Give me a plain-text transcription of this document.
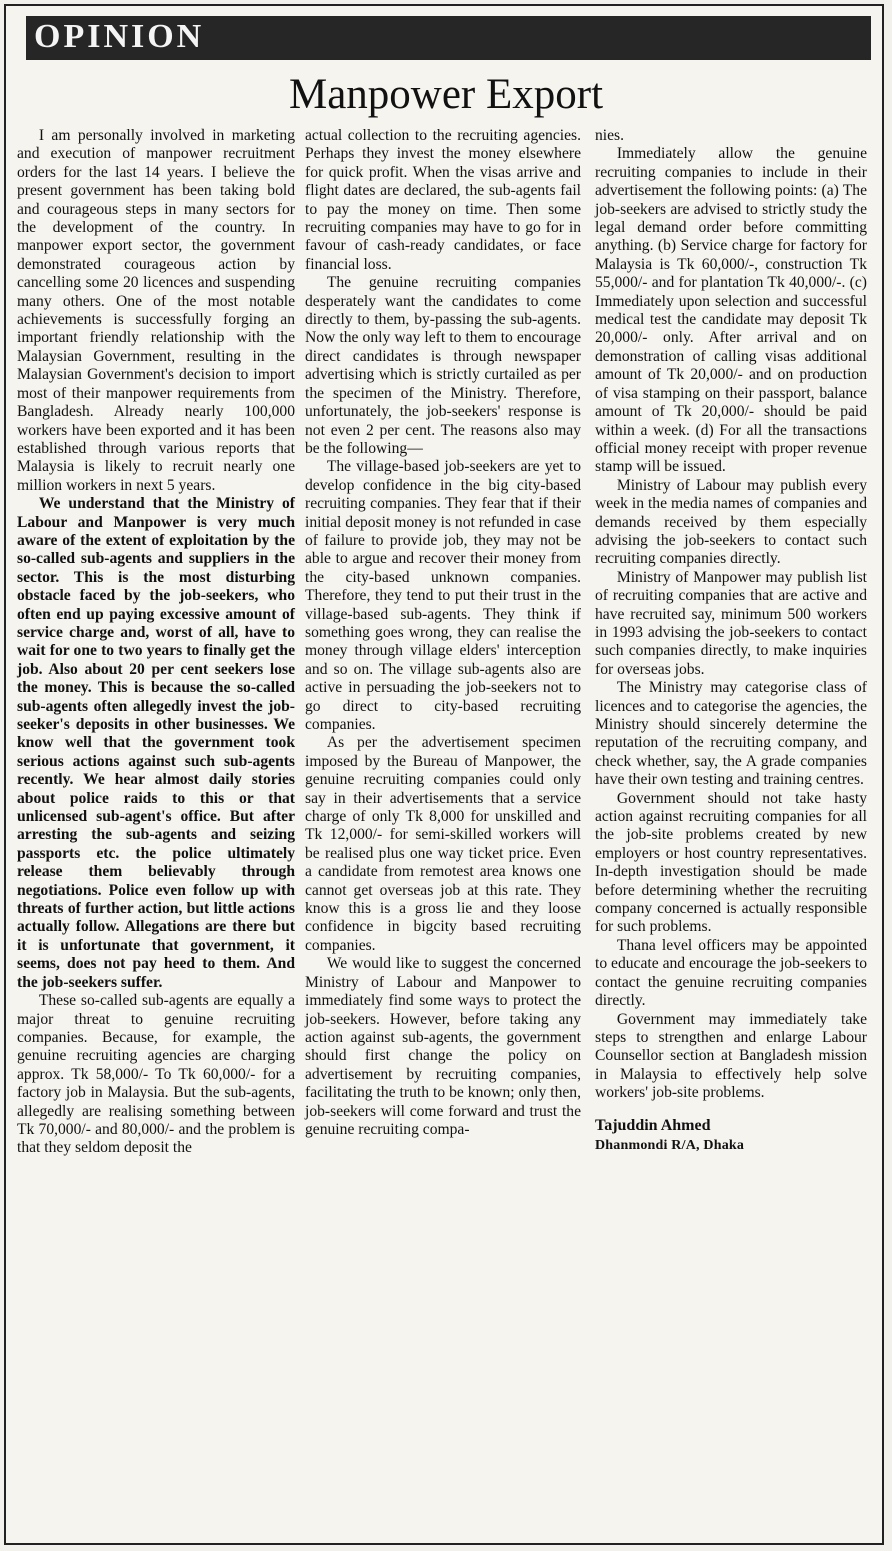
OPINION
Manpower Export

I am personally involved in marketing and execution of manpower recruitment orders for the last 14 years. I believe the present government has been taking bold and courageous steps in many sectors for the development of the country. In manpower export sector, the government demonstrated courageous action by cancelling some 20 licences and suspending many others. One of the most notable achievements is successfully forging an important friendly relationship with the Malaysian Government, resulting in the Malaysian Government's decision to import most of their manpower requirements from Bangladesh. Already nearly 100,000 workers have been exported and it has been established through various reports that Malaysia is likely to recruit nearly one million workers in next 5 years.

We understand that the Ministry of Labour and Manpower is very much aware of the extent of exploitation by the so-called sub-agents and suppliers in the sector. This is the most disturbing obstacle faced by the job-seekers, who often end up paying excessive amount of service charge and, worst of all, have to wait for one to two years to finally get the job. Also about 20 per cent seekers lose the money. This is because the so-called sub-agents often allegedly invest the job-seeker's deposits in other businesses. We know well that the government took serious actions against such sub-agents recently. We hear almost daily stories about police raids to this or that unlicensed sub-agent's office. But after arresting the sub-agents and seizing passports etc. the police ultimately release them believably through negotiations. Police even follow up with threats of further action, but little actions actually follow. Allegations are there but it is unfortunate that government, it seems, does not pay heed to them. And the job-seekers suffer.

These so-called sub-agents are equally a major threat to genuine recruiting companies. Because, for example, the genuine recruiting agencies are charging approx. Tk 58,000/- To Tk 60,000/- for a factory job in Malaysia. But the sub-agents, allegedly are realising something between Tk 70,000/- and 80,000/- and the problem is that they seldom deposit the

actual collection to the recruiting agencies. Perhaps they invest the money elsewhere for quick profit. When the visas arrive and flight dates are declared, the sub-agents fail to pay the money on time. Then some recruiting companies may have to go for in favour of cash-ready candidates, or face financial loss.

The genuine recruiting companies desperately want the candidates to come directly to them, by-passing the sub-agents. Now the only way left to them to encourage direct candidates is through newspaper advertising which is strictly curtailed as per the specimen of the Ministry. Therefore, unfortunately, the job-seekers' response is not even 2 per cent. The reasons also may be the following—

The village-based job-seekers are yet to develop confidence in the big city-based recruiting companies. They fear that if their initial deposit money is not refunded in case of failure to provide job, they may not be able to argue and recover their money from the city-based unknown companies. Therefore, they tend to put their trust in the village-based sub-agents. They think if something goes wrong, they can realise the money through village elders' interception and so on. The village sub-agents also are active in persuading the job-seekers not to go direct to city-based recruiting companies.

As per the advertisement specimen imposed by the Bureau of Manpower, the genuine recruiting companies could only say in their advertisements that a service charge of only Tk 8,000 for unskilled and Tk 12,000/- for semi-skilled workers will be realised plus one way ticket price. Even a candidate from remotest area knows one cannot get overseas job at this rate. They know this is a gross lie and they loose confidence in bigcity based recruiting companies.

We would like to suggest the concerned Ministry of Labour and Manpower to immediately find some ways to protect the job-seekers. However, before taking any action against sub-agents, the government should first change the policy on advertisement by recruiting companies, facilitating the truth to be known; only then, job-seekers will come forward and trust the genuine recruiting compa-

nies.

Immediately allow the genuine recruiting companies to include in their advertisement the following points: (a) The job-seekers are advised to strictly study the legal demand order before committing anything. (b) Service charge for factory for Malaysia is Tk 60,000/-, construction Tk 55,000/- and for plantation Tk 40,000/-. (c) Immediately upon selection and successful medical test the candidate may deposit Tk 20,000/- only. After arrival and on demonstration of calling visas additional amount of Tk 20,000/- and on production of visa stamping on their passport, balance amount of Tk 20,000/- should be paid within a week. (d) For all the transactions official money receipt with proper revenue stamp will be issued.

Ministry of Labour may publish every week in the media names of companies and demands received by them especially advising the job-seekers to contact such recruiting companies directly.

Ministry of Manpower may publish list of recruiting companies that are active and have recruited say, minimum 500 workers in 1993 advising the job-seekers to contact such companies directly, to make inquiries for overseas jobs.

The Ministry may categorise class of licences and to categorise the agencies, the Ministry should sincerely determine the reputation of the recruiting company, and check whether, say, the A grade companies have their own testing and training centres.

Government should not take hasty action against recruiting companies for all the job-site problems created by new employers or host country representatives. In-depth investigation should be made before determining whether the recruiting company concerned is actually responsible for such problems.

Thana level officers may be appointed to educate and encourage the job-seekers to contact the genuine recruiting companies directly.

Government may immediately take steps to strengthen and enlarge Labour Counsellor section at Bangladesh mission in Malaysia to effectively help solve workers' job-site problems.

Tajuddin Ahmed
Dhanmondi R/A, Dhaka
